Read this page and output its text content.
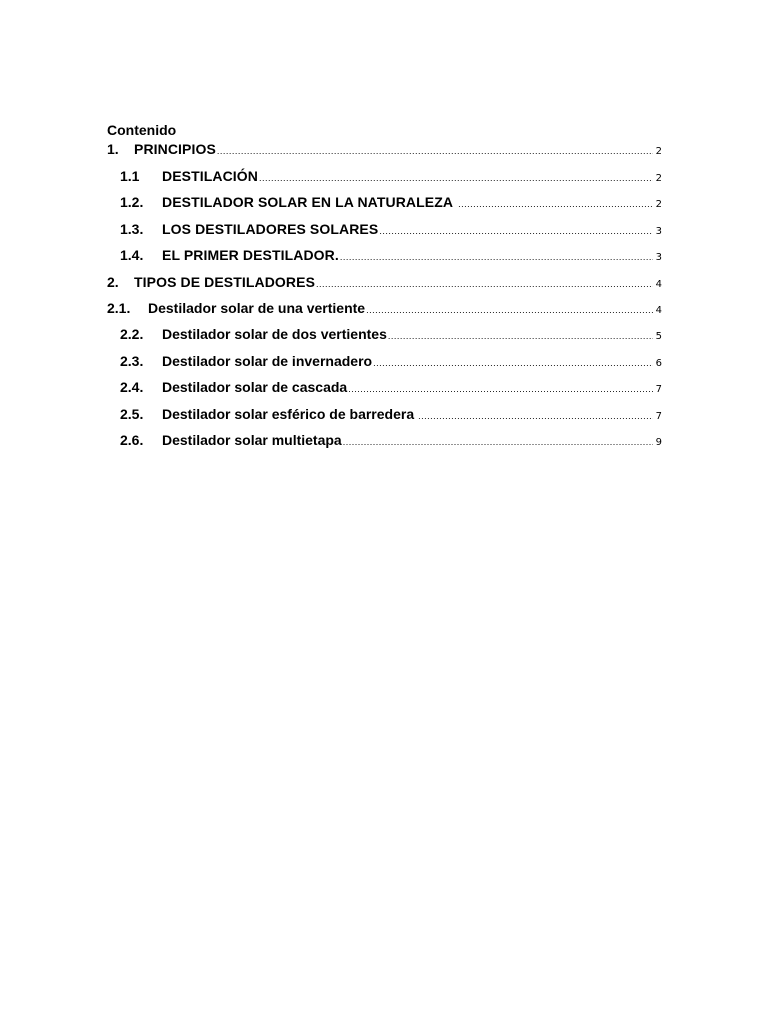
Contenido
1.	PRINCIPIOS .....	2
1.1	DESTILACIÓN .....	2
1.2.	DESTILADOR SOLAR EN LA NATURALEZA .....	2
1.3.	LOS DESTILADORES SOLARES .....	3
1.4.	EL PRIMER DESTILADOR. .....	3
2.	TIPOS DE DESTILADORES .....	4
2.1.	Destilador solar de una vertiente .....	4
2.2.	Destilador solar de dos vertientes .....	5
2.3.	Destilador solar de invernadero .....	6
2.4.	Destilador solar de cascada .....	7
2.5.	Destilador solar esférico de barredera .....	7
2.6.	Destilador solar multietapa .....	9
